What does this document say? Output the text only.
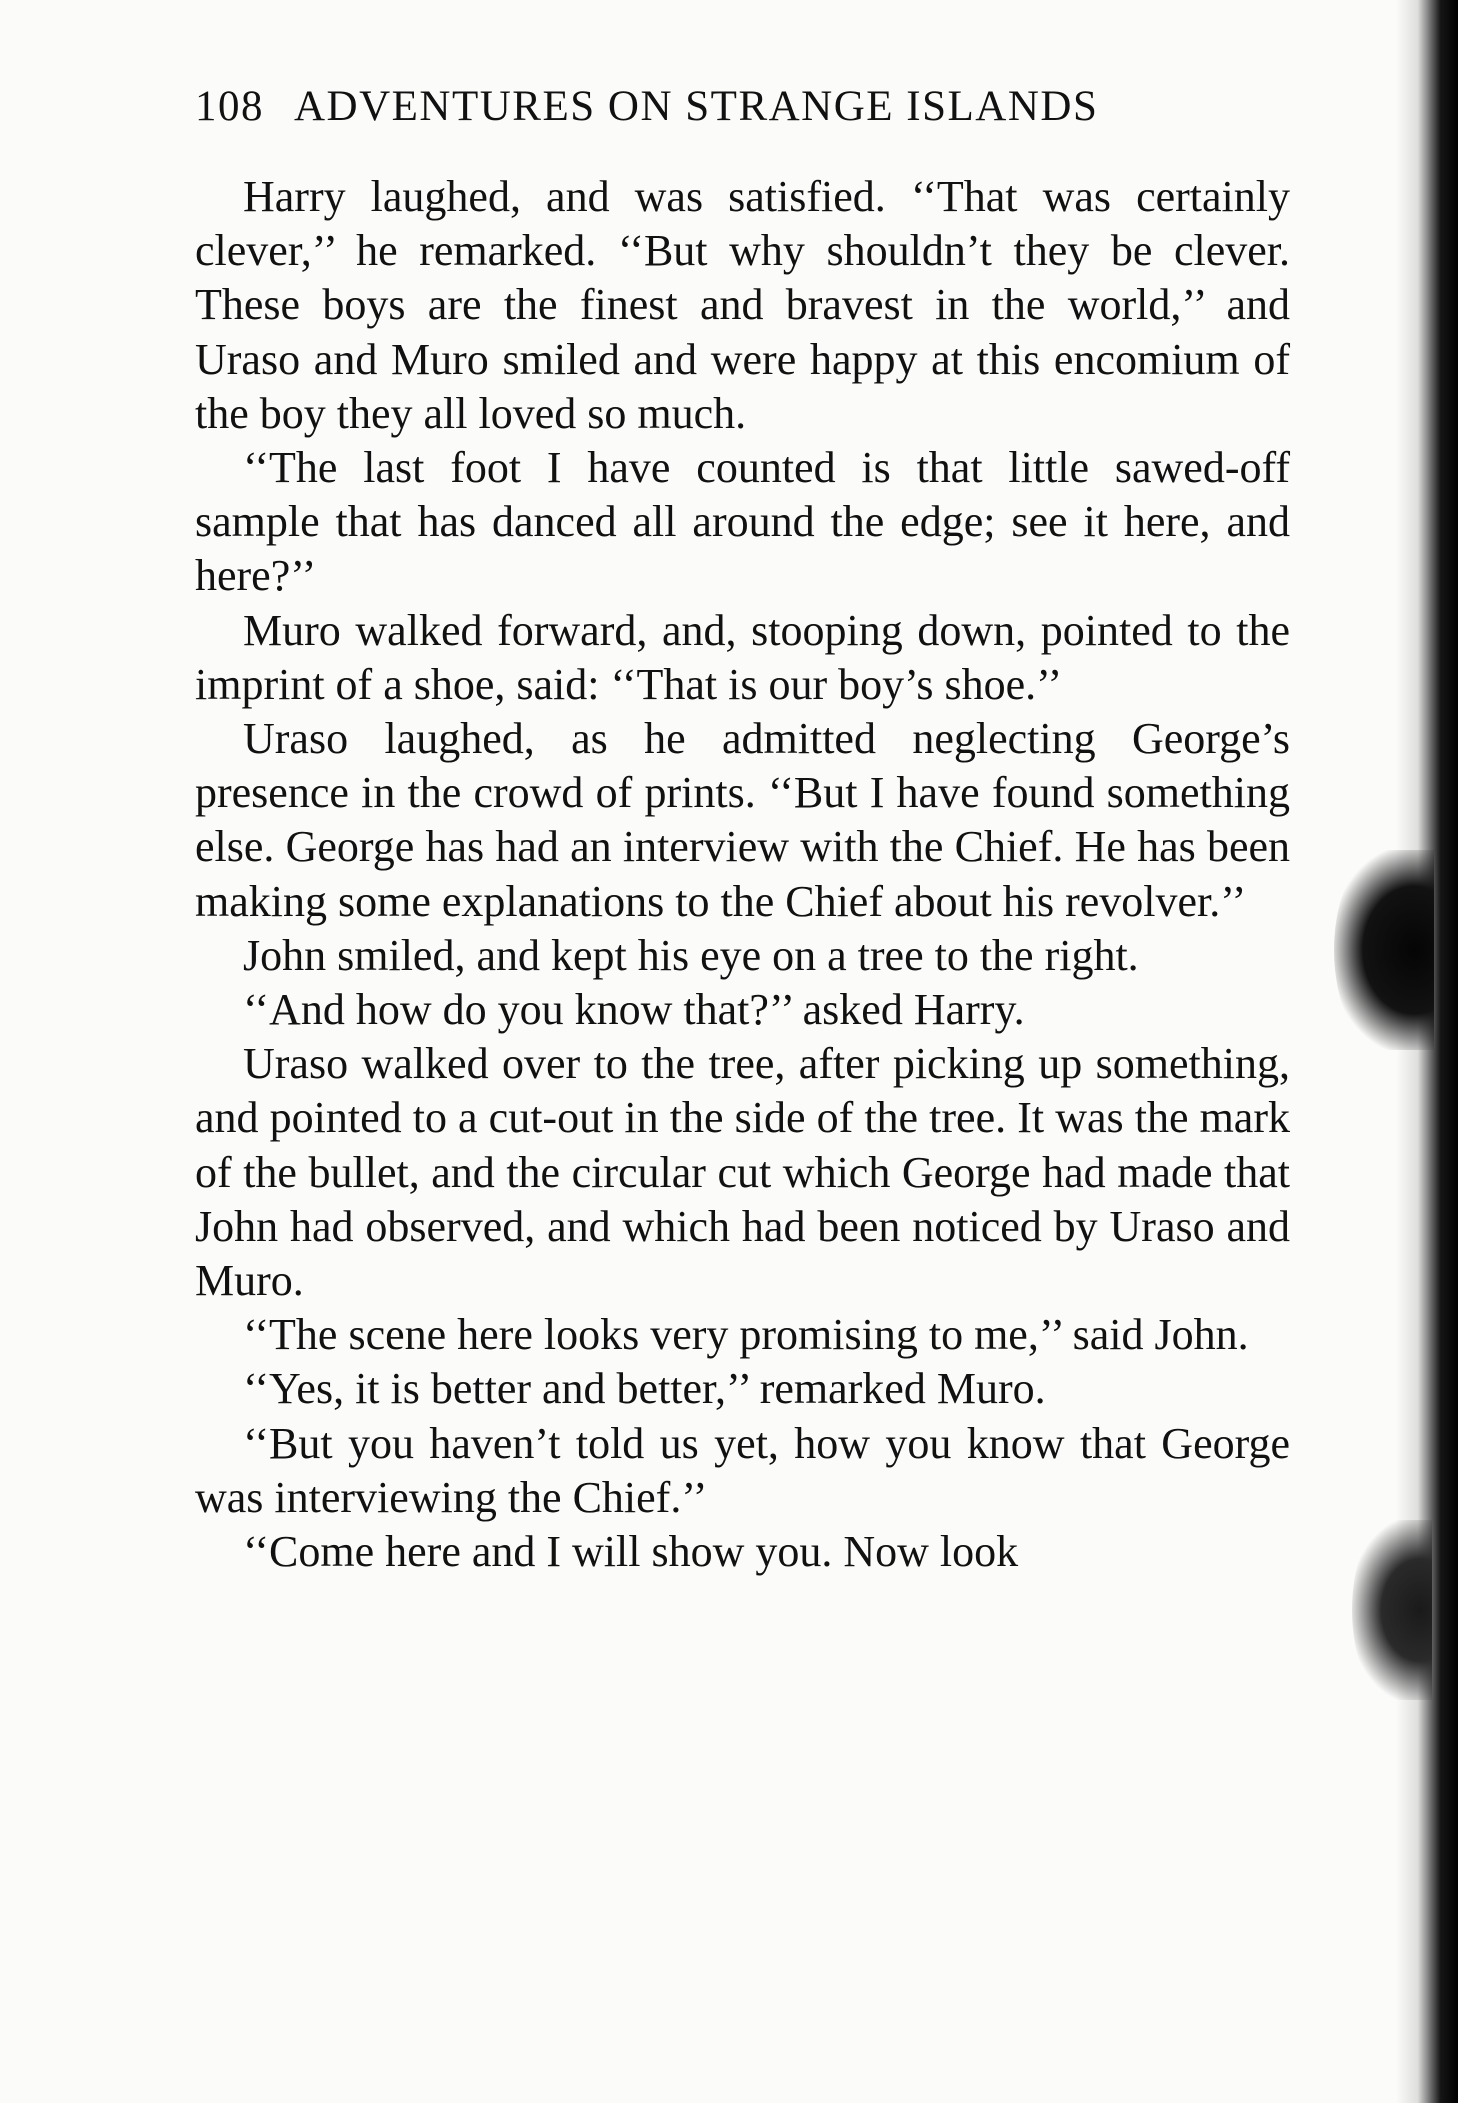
108 ADVENTURES ON STRANGE ISLANDS

Harry laughed, and was satisfied. ‘‘That was certainly clever,’’ he remarked. ‘‘But why shouldn’t they be clever. These boys are the finest and bravest in the world,’’ and Uraso and Muro smiled and were happy at this encomium of the boy they all loved so much.

‘‘The last foot I have counted is that little sawed-off sample that has danced all around the edge; see it here, and here?’’

Muro walked forward, and, stooping down, pointed to the imprint of a shoe, said: ‘‘That is our boy’s shoe.’’

Uraso laughed, as he admitted neglecting George’s presence in the crowd of prints. ‘‘But I have found something else. George has had an interview with the Chief. He has been making some explanations to the Chief about his revolver.’’

John smiled, and kept his eye on a tree to the right.

‘‘And how do you know that?’’ asked Harry.

Uraso walked over to the tree, after picking up something, and pointed to a cut-out in the side of the tree. It was the mark of the bullet, and the circular cut which George had made that John had observed, and which had been noticed by Uraso and Muro.

‘‘The scene here looks very promising to me,’’ said John.

‘‘Yes, it is better and better,’’ remarked Muro.

‘‘But you haven’t told us yet, how you know that George was interviewing the Chief.’’

‘‘Come here and I will show you. Now look
